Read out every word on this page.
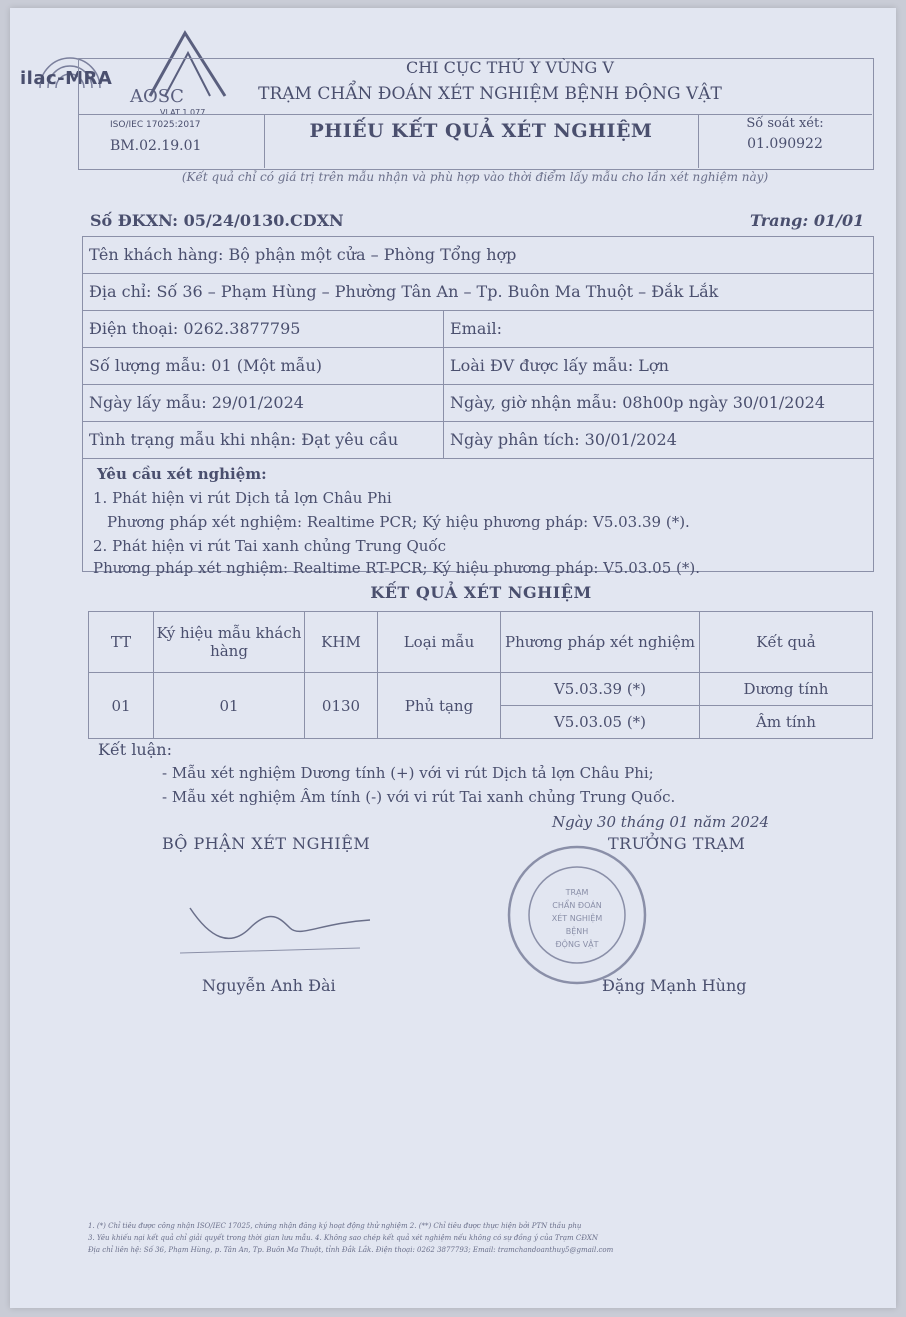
ilac-MRA
AOSC
VLAT 1 077
CHI CỤC THÚ Y VÙNG V
TRẠM CHẨN ĐOÁN XÉT NGHIỆM BỆNH ĐỘNG VẬT
ISO/IEC 17025:2017
BM.02.19.01
PHIẾU KẾT QUẢ XÉT NGHIỆM	Số soát xét:
01.090922
(Kết quả chỉ có giá trị trên mẫu nhận và phù hợp vào thời điểm lấy mẫu cho lần xét nghiệm này)
Số ĐKXN: 05/24/0130.CDXN	Trang: 01/01
Tên khách hàng: Bộ phận một cửa – Phòng Tổng hợp
Địa chỉ: Số 36 – Phạm Hùng – Phường Tân An – Tp. Buôn Ma Thuột – Đắk Lắk
Điện thoại: 0262.3877795	Email:
Số lượng mẫu: 01 (Một mẫu)	Loài ĐV được lấy mẫu: Lợn
Ngày lấy mẫu: 29/01/2024	Ngày, giờ nhận mẫu: 08h00p ngày 30/01/2024
Tình trạng mẫu khi nhận: Đạt yêu cầu	Ngày phân tích: 30/01/2024
Yêu cầu xét nghiệm:
1. Phát hiện vi rút Dịch tả lợn Châu Phi
Phương pháp xét nghiệm: Realtime PCR; Ký hiệu phương pháp: V5.03.39 (*).
2. Phát hiện vi rút Tai xanh chủng Trung Quốc
Phương pháp xét nghiệm: Realtime RT-PCR; Ký hiệu phương pháp: V5.03.05 (*).
KẾT QUẢ XÉT NGHIỆM
TT	Ký hiệu mẫu khách hàng	KHM	Loại mẫu	Phương pháp xét nghiệm	Kết quả
01	01	0130	Phủ tạng	V5.03.39 (*)	Dương tính
				V5.03.05 (*)	Âm tính
Kết luận:
- Mẫu xét nghiệm Dương tính (+) với vi rút Dịch tả lợn Châu Phi;
- Mẫu xét nghiệm Âm tính (-) với vi rút Tai xanh chủng Trung Quốc.
Ngày 30 tháng 01 năm 2024
BỘ PHẬN XÉT NGHIỆM	TRƯỞNG TRẠM
TRẠM
CHẨN ĐOÁN
XÉT NGHIỆM
BỆNH
ĐỘNG VẬT
Nguyễn Anh Đài	Đặng Mạnh Hùng
1. (*) Chỉ tiêu được công nhận ISO/IEC 17025, chứng nhận đăng ký hoạt động thử nghiệm 2. (**) Chỉ tiêu được thực hiện bởi PTN thầu phụ
3. Yêu khiếu nại kết quả chỉ giải quyết trong thời gian lưu mẫu. 4. Không sao chép kết quả xét nghiệm nếu không có sự đồng ý của Trạm CĐXN
Địa chỉ liên hệ: Số 36, Phạm Hùng, p. Tân An, Tp. Buôn Ma Thuột, tỉnh Đắk Lắk. Điện thoại: 0262 3877793; Email: tramchandoanthuy5@gmail.com
